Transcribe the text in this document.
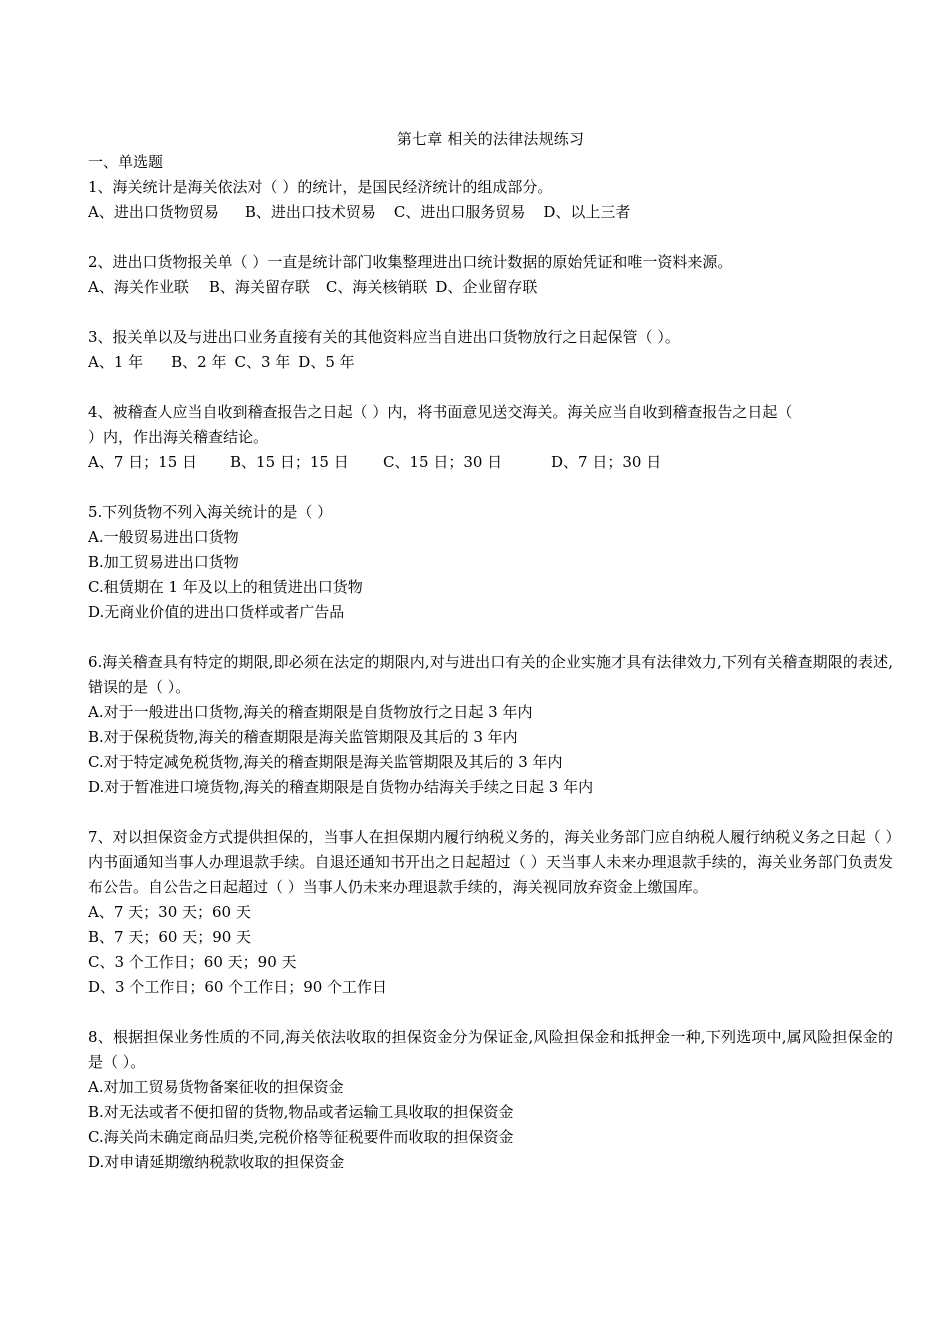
第七章 相关的法律法规练习
一、单选题
1、海关统计是海关依法对（ ）的统计，是国民经济统计的组成部分。
A、进出口货物贸易 B、进出口技术贸易 C、进出口服务贸易 D、以上三者
2、进出口货物报关单（ ）一直是统计部门收集整理进出口统计数据的原始凭证和唯一资料来源。
A、海关作业联 B、海关留存联 C、海关核销联 D、企业留存联
3、报关单以及与进出口业务直接有关的其他资料应当自进出口货物放行之日起保管（ ）。
A、1 年 B、2 年 C、3 年 D、5 年
4、被稽查人应当自收到稽查报告之日起（ ）内，将书面意见送交海关。海关应当自收到稽查报告之日起（
）内，作出海关稽查结论。
A、7 日；15 日	B、15 日；15 日	C、15 日；30 日	D、7 日；30 日
5.下列货物不列入海关统计的是（ ）
A.一般贸易进出口货物
B.加工贸易进出口货物
C.租赁期在 1 年及以上的租赁进出口货物
D.无商业价值的进出口货样或者广告品
6.海关稽查具有特定的期限,即必须在法定的期限内,对与进出口有关的企业实施才具有法律效力,下列有关稽查期限的表述,错误的是（ ）。
A.对于一般进出口货物,海关的稽查期限是自货物放行之日起 3 年内
B.对于保税货物,海关的稽查期限是海关监管期限及其后的 3 年内
C.对于特定减免税货物,海关的稽查期限是海关监管期限及其后的 3 年内
D.对于暂准进口境货物,海关的稽查期限是自货物办结海关手续之日起 3 年内
7、对以担保资金方式提供担保的，当事人在担保期内履行纳税义务的，海关业务部门应自纳税人履行纳税义务之日起（ ）内书面通知当事人办理退款手续。自退还通知书开出之日起超过（ ）天当事人未来办理退款手续的，海关业务部门负责发布公告。自公告之日起超过（ ）当事人仍未来办理退款手续的，海关视同放弃资金上缴国库。
A、7 天；30 天；60 天
B、7 天；60 天；90 天
C、3 个工作日；60 天；90 天
D、3 个工作日；60 个工作日；90 个工作日
8、根据担保业务性质的不同,海关依法收取的担保资金分为保证金,风险担保金和抵押金一种,下列选项中,属风险担保金的是（ ）。
A.对加工贸易货物备案征收的担保资金
B.对无法或者不便扣留的货物,物品或者运输工具收取的担保资金
C.海关尚未确定商品归类,完税价格等征税要件而收取的担保资金
D.对申请延期缴纳税款收取的担保资金
